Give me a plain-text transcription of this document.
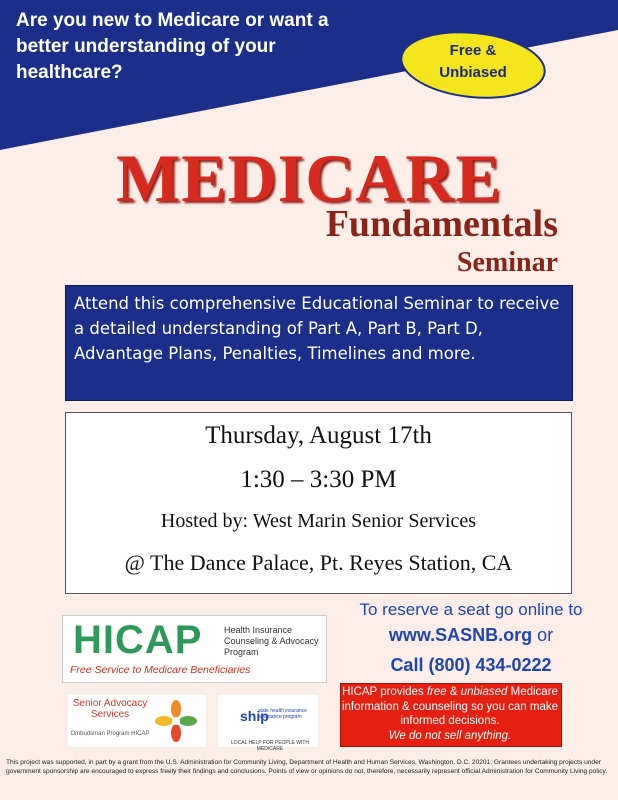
Are you new to Medicare or want a better understanding of your healthcare?
Free &
Unbiased
MEDICARE
Fundamentals
Seminar
Attend this comprehensive Educational Seminar to receive a detailed understanding of Part A, Part B, Part D, Advantage Plans, Penalties, Timelines and more.
Thursday, August 17th
1:30 – 3:30 PM
Hosted by: West Marin Senior Services
@ The Dance Palace, Pt. Reyes Station, CA
To reserve a seat go online to
www.SASNB.org or
Call (800) 434-0222
HICAP provides free & unbiased Medicare information & counseling so you can make informed decisions.
We do not sell anything.
HICAP Health Insurance Counseling & Advocacy Program
Free Service to Medicare Beneficiaries
Senior Advocacy Services
Ombudsman Program HICAP
ship
state health insurance assistance program
LOCAL HELP FOR PEOPLE WITH MEDICARE
This project was supported, in part by a grant from the U.S. Administration for Community Living, Department of Health and Human Services, Washington, D.C. 20201. Grantees undertaking projects under government sponsorship are encouraged to express freely their findings and conclusions. Points of view or opinions do not, therefore, necessarily represent official Administration for Community Living policy.
